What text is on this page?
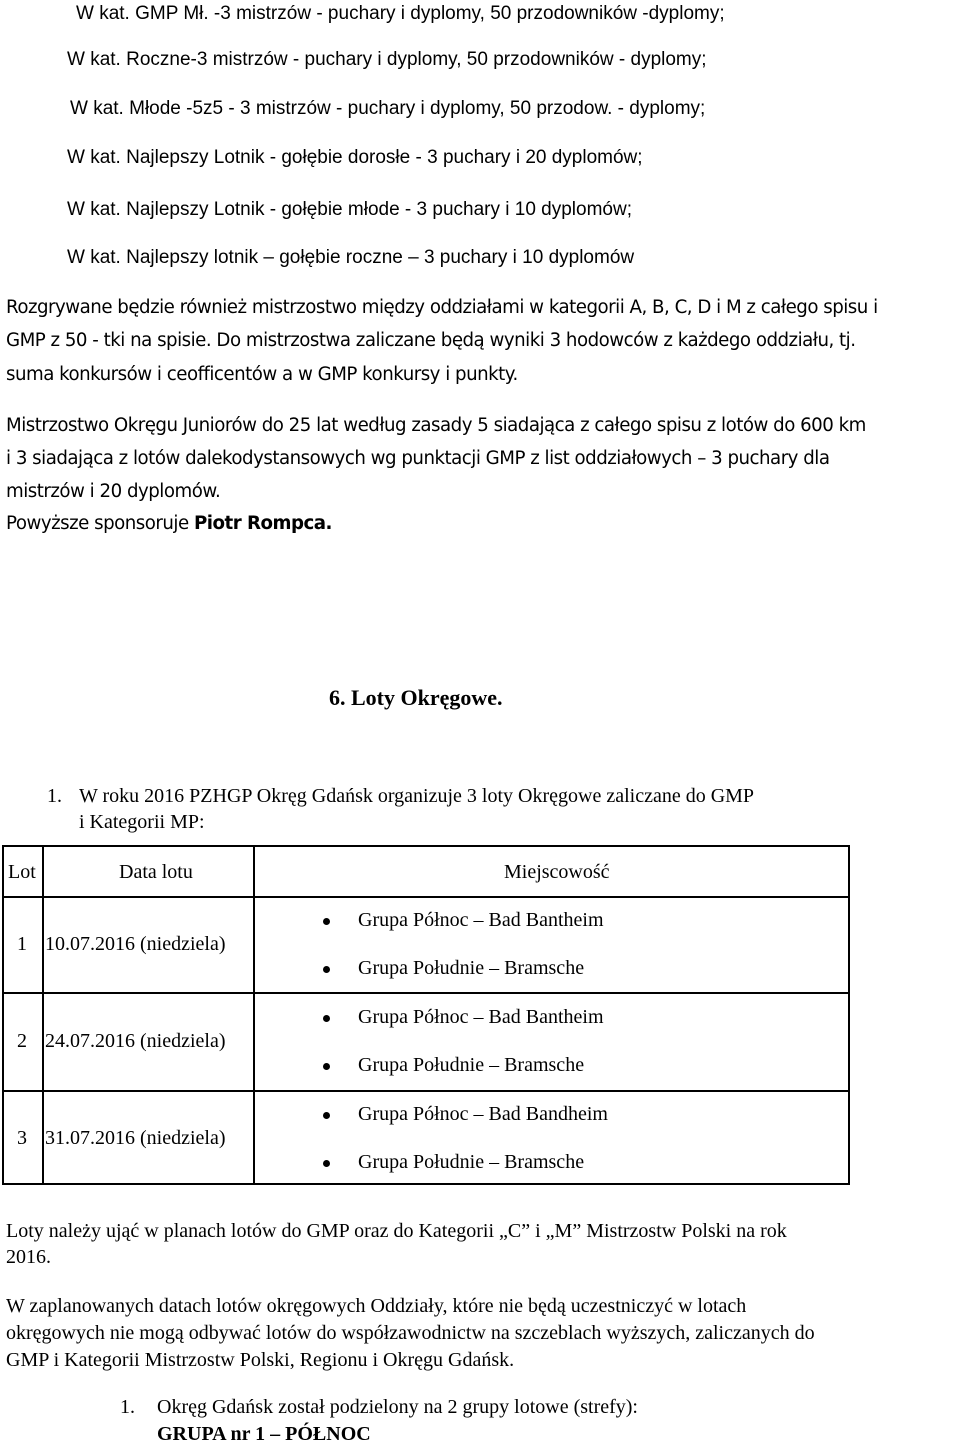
W kat. GMP Mł. -3 mistrzów - puchary i dyplomy, 50 przodowników -dyplomy;
W kat. Roczne-3 mistrzów - puchary i dyplomy, 50 przodowników - dyplomy;
W kat. Młode -5z5 - 3 mistrzów - puchary i dyplomy, 50 przodow. - dyplomy;
W kat. Najlepszy Lotnik - gołębie dorosłe - 3 puchary i 20 dyplomów;
W kat. Najlepszy Lotnik - gołębie młode - 3 puchary i 10 dyplomów;
W kat. Najlepszy lotnik – gołębie roczne – 3 puchary i 10 dyplomów
Rozgrywane będzie również mistrzostwo między oddziałami w kategorii A, B, C, D i M z całego spisu i
GMP z 50 - tki na spisie. Do mistrzostwa zaliczane będą wyniki 3 hodowców z każdego oddziału, tj.
suma konkursów i ceofficentów a w GMP konkursy i punkty.
Mistrzostwo Okręgu Juniorów do 25 lat według zasady 5 siadająca z całego spisu z lotów do 600 km
i 3 siadająca z lotów dalekodystansowych wg punktacji GMP z list oddziałowych – 3 puchary dla
mistrzów i 20 dyplomów.
Powyższe sponsoruje Piotr Rompca.
6. Loty Okręgowe.
1. W roku 2016 PZHGP Okręg Gdańsk organizuje 3 loty Okręgowe zaliczane do GMP
i Kategorii MP:
Lot	Data lotu	Miejscowość
1 10.07.2016 (niedziela)
Grupa Północ – Bad Bantheim
Grupa Południe – Bramsche
2 24.07.2016 (niedziela)
Grupa Północ – Bad Bantheim
Grupa Południe – Bramsche
3 31.07.2016 (niedziela)
Grupa Północ – Bad Bandheim
Grupa Południe – Bramsche
Loty należy ująć w planach lotów do GMP oraz do Kategorii „C” i „M” Mistrzostw Polski na rok
2016.
W zaplanowanych datach lotów okręgowych Oddziały, które nie będą uczestniczyć w lotach
okręgowych nie mogą odbywać lotów do współzawodnictw na szczeblach wyższych, zaliczanych do
GMP i Kategorii Mistrzostw Polski, Regionu i Okręgu Gdańsk.
1. Okręg Gdańsk został podzielony na 2 grupy lotowe (strefy):
GRUPA nr 1 – PÓŁNOC
